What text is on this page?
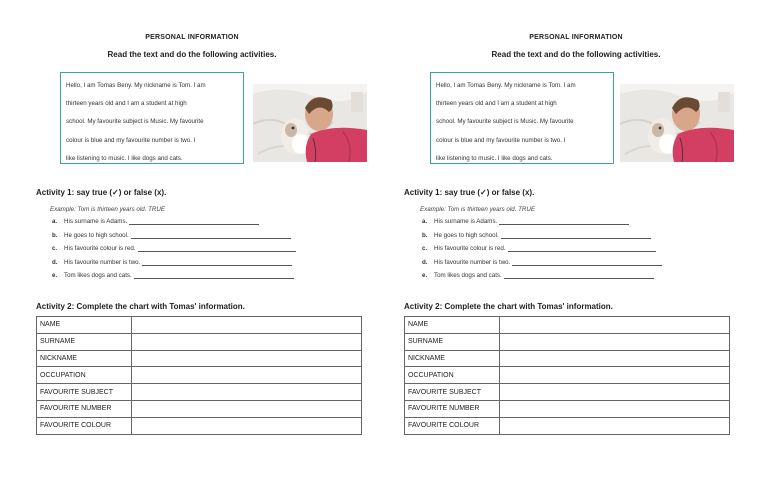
PERSONAL INFORMATION
Read the text and do the following activities.
Hello, I am Tomas Beny. My nickname is Tom. I am
thirteen years old and I am a student at high
school. My favourite subject is Music. My favourite
colour is blue and my favourite number is two. I
like listening to music. I like dogs and cats.
Activity 1: say true (✓) or false (x).
Example: Tom is thirteen years old. TRUE
a.	His surname is Adams.
b.	He goes to high school.
c.	His favourite colour is red.
d.	His favourite number is two.
e.	Tom likes dogs and cats.
Activity 2: Complete the chart with Tomas' information.
NAME	
SURNAME	
NICKNAME	
OCCUPATION	
FAVOURITE SUBJECT	
FAVOURITE NUMBER	
FAVOURITE COLOUR	
PERSONAL INFORMATION
Read the text and do the following activities.
Hello, I am Tomas Beny. My nickname is Tom. I am
thirteen years old and I am a student at high
school. My favourite subject is Music. My favourite
colour is blue and my favourite number is two. I
like listening to music. I like dogs and cats.
Activity 1: say true (✓) or false (x).
Example: Tom is thirteen years old. TRUE
a.	His surname is Adams.
b.	He goes to high school.
c.	His favourite colour is red.
d.	His favourite number is two.
e.	Tom likes dogs and cats.
Activity 2: Complete the chart with Tomas' information.
NAME	
SURNAME	
NICKNAME	
OCCUPATION	
FAVOURITE SUBJECT	
FAVOURITE NUMBER	
FAVOURITE COLOUR	
